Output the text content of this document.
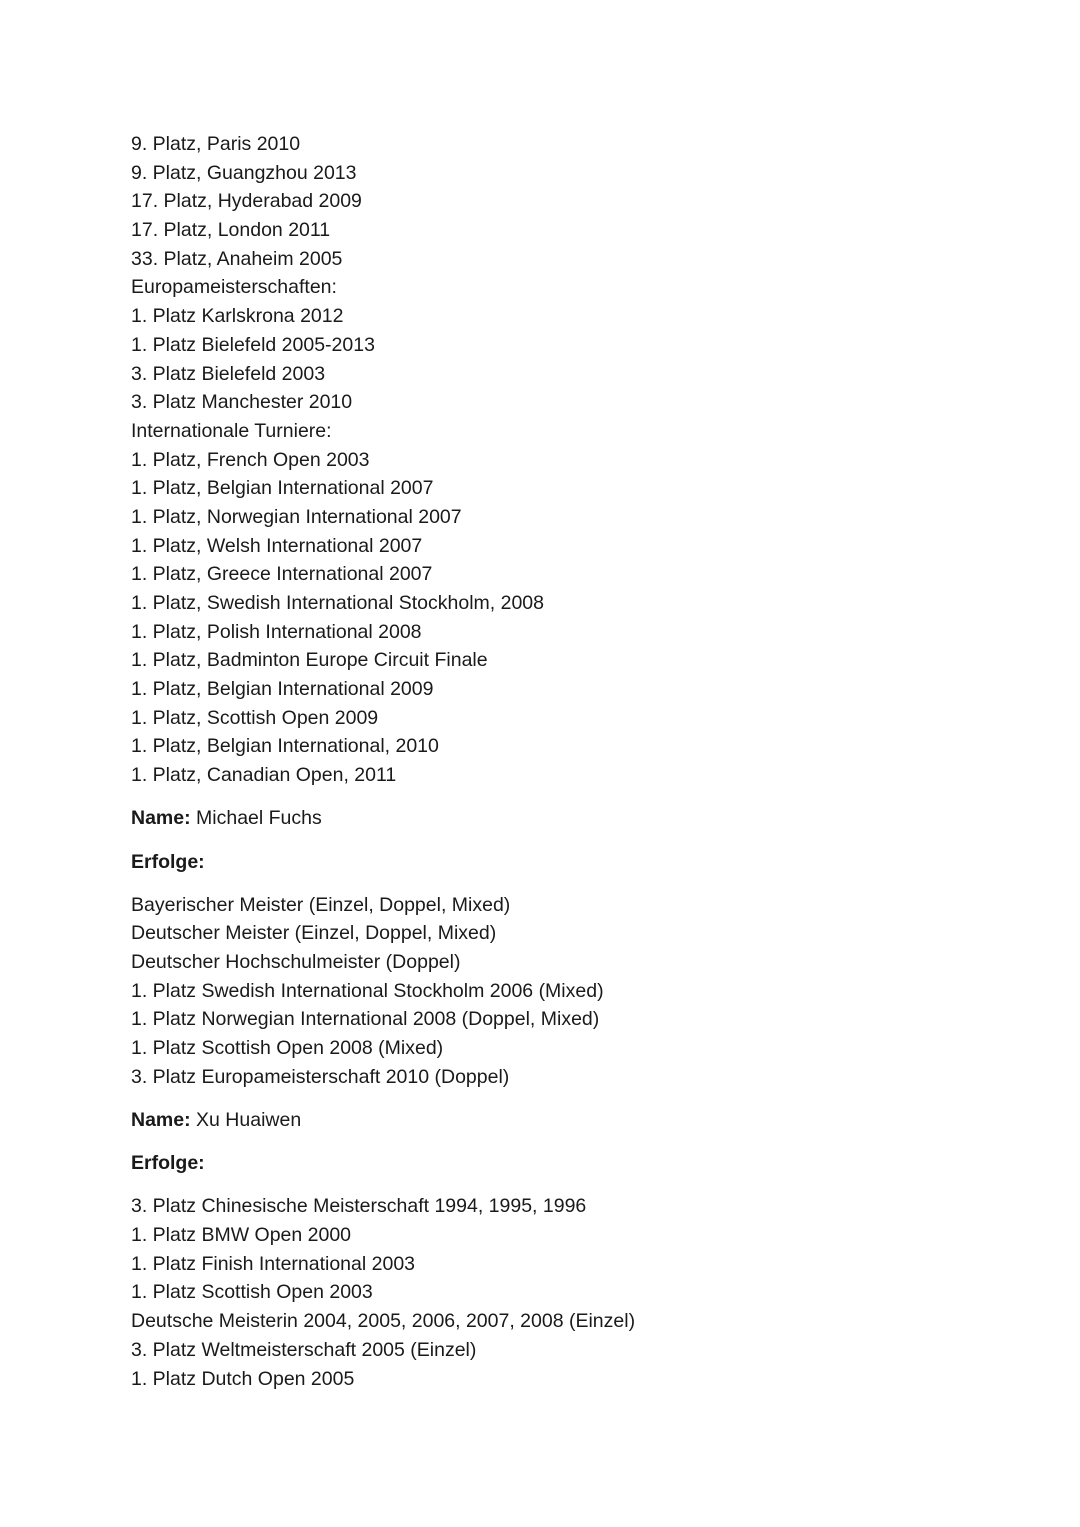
9. Platz, Paris 2010
9. Platz, Guangzhou 2013
17. Platz, Hyderabad 2009
17. Platz, London 2011
33. Platz, Anaheim 2005
Europameisterschaften:
1. Platz Karlskrona 2012
1. Platz Bielefeld 2005-2013
3. Platz Bielefeld 2003
3. Platz Manchester 2010
Internationale Turniere:
1. Platz, French Open 2003
1. Platz, Belgian International 2007
1. Platz, Norwegian International 2007
1. Platz, Welsh International 2007
1. Platz, Greece International 2007
1. Platz, Swedish International Stockholm, 2008
1. Platz, Polish International 2008
1. Platz, Badminton Europe Circuit Finale
1. Platz, Belgian International 2009
1. Platz, Scottish Open 2009
1. Platz, Belgian International, 2010
1. Platz, Canadian Open, 2011
Name: Michael Fuchs
Erfolge:
Bayerischer Meister (Einzel, Doppel, Mixed)
Deutscher Meister (Einzel, Doppel, Mixed)
Deutscher Hochschulmeister (Doppel)
1. Platz Swedish International Stockholm 2006 (Mixed)
1. Platz Norwegian International 2008 (Doppel, Mixed)
1. Platz Scottish Open 2008 (Mixed)
3. Platz Europameisterschaft 2010 (Doppel)
Name: Xu Huaiwen
Erfolge:
3. Platz Chinesische Meisterschaft 1994, 1995, 1996
1. Platz BMW Open 2000
1. Platz Finish International 2003
1. Platz Scottish Open 2003
Deutsche Meisterin 2004, 2005, 2006, 2007, 2008 (Einzel)
3. Platz Weltmeisterschaft 2005 (Einzel)
1. Platz Dutch Open 2005
